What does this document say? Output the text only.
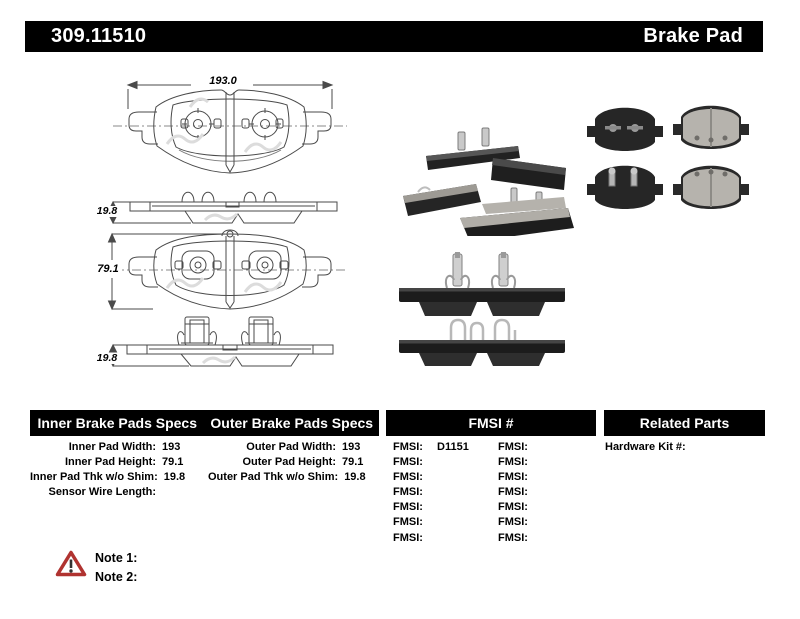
309.11510	Brake Pad
193.0
19.8
79.1
19.8
Inner Brake Pads Specs Outer Brake Pads Specs	FMSI #	Related Parts
Inner Pad Width: 193
Inner Pad Height: 79.1
Inner Pad Thk w/o Shim: 19.8
Sensor Wire Length:
Outer Pad Width: 193
Outer Pad Height: 79.1
Outer Pad Thk w/o Shim: 19.8
FMSI:	D1151
FMSI:
FMSI:
FMSI:
FMSI:
FMSI:
FMSI:
FMSI:
FMSI:
FMSI:
FMSI:
FMSI:
FMSI:
FMSI:
Hardware Kit #:
Note 1:
Note 2:
